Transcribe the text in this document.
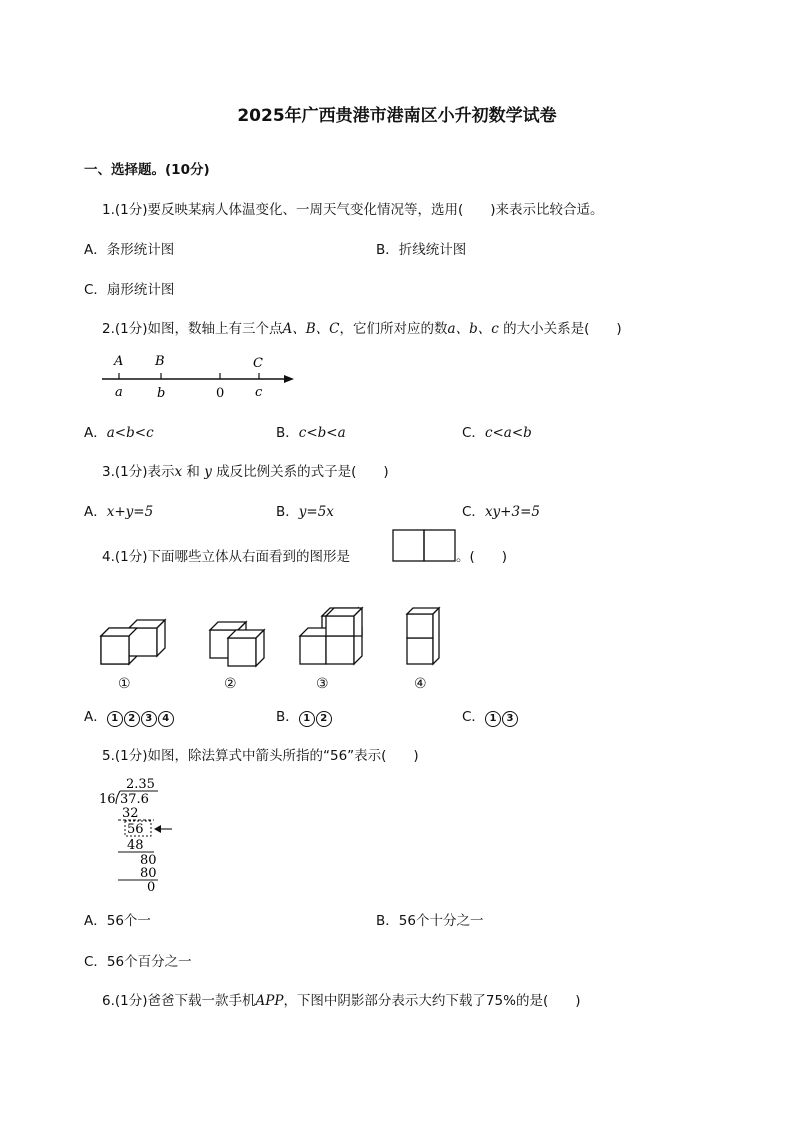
2025年广西贵港市港南区小升初数学试卷
一、选择题。(10分)
1.(1分)要反映某病人体温变化、一周天气变化情况等，选用(　　)来表示比较合适。
A．条形统计图	B．折线统计图
C．扇形统计图
2.(1分)如图，数轴上有三个点A、B、C，它们所对应的数a、b、c 的大小关系是(　　)
A B	C
a	b	0 c
A．a<b<c	B．c<b<a	C．c<a<b
3.(1分)表示x 和 y 成反比例关系的式子是(　　)
A．x+y=5	B．y=5x	C．xy+3=5
4.(1分)下面哪些立体从右面看到的图形是	。(　　)
①	②	③	④
A． 1 2 3 4	B． 1 2	C． 1 3
5.(1分)如图，除法算式中箭头所指的“56”表示(　　)
2.35
16 37.6
32
56
48
80
80
0
A．56个一	B．56个十分之一
C．56个百分之一
6.(1分)爸爸下载一款手机APP，下图中阴影部分表示大约下载了75%的是(　　)
